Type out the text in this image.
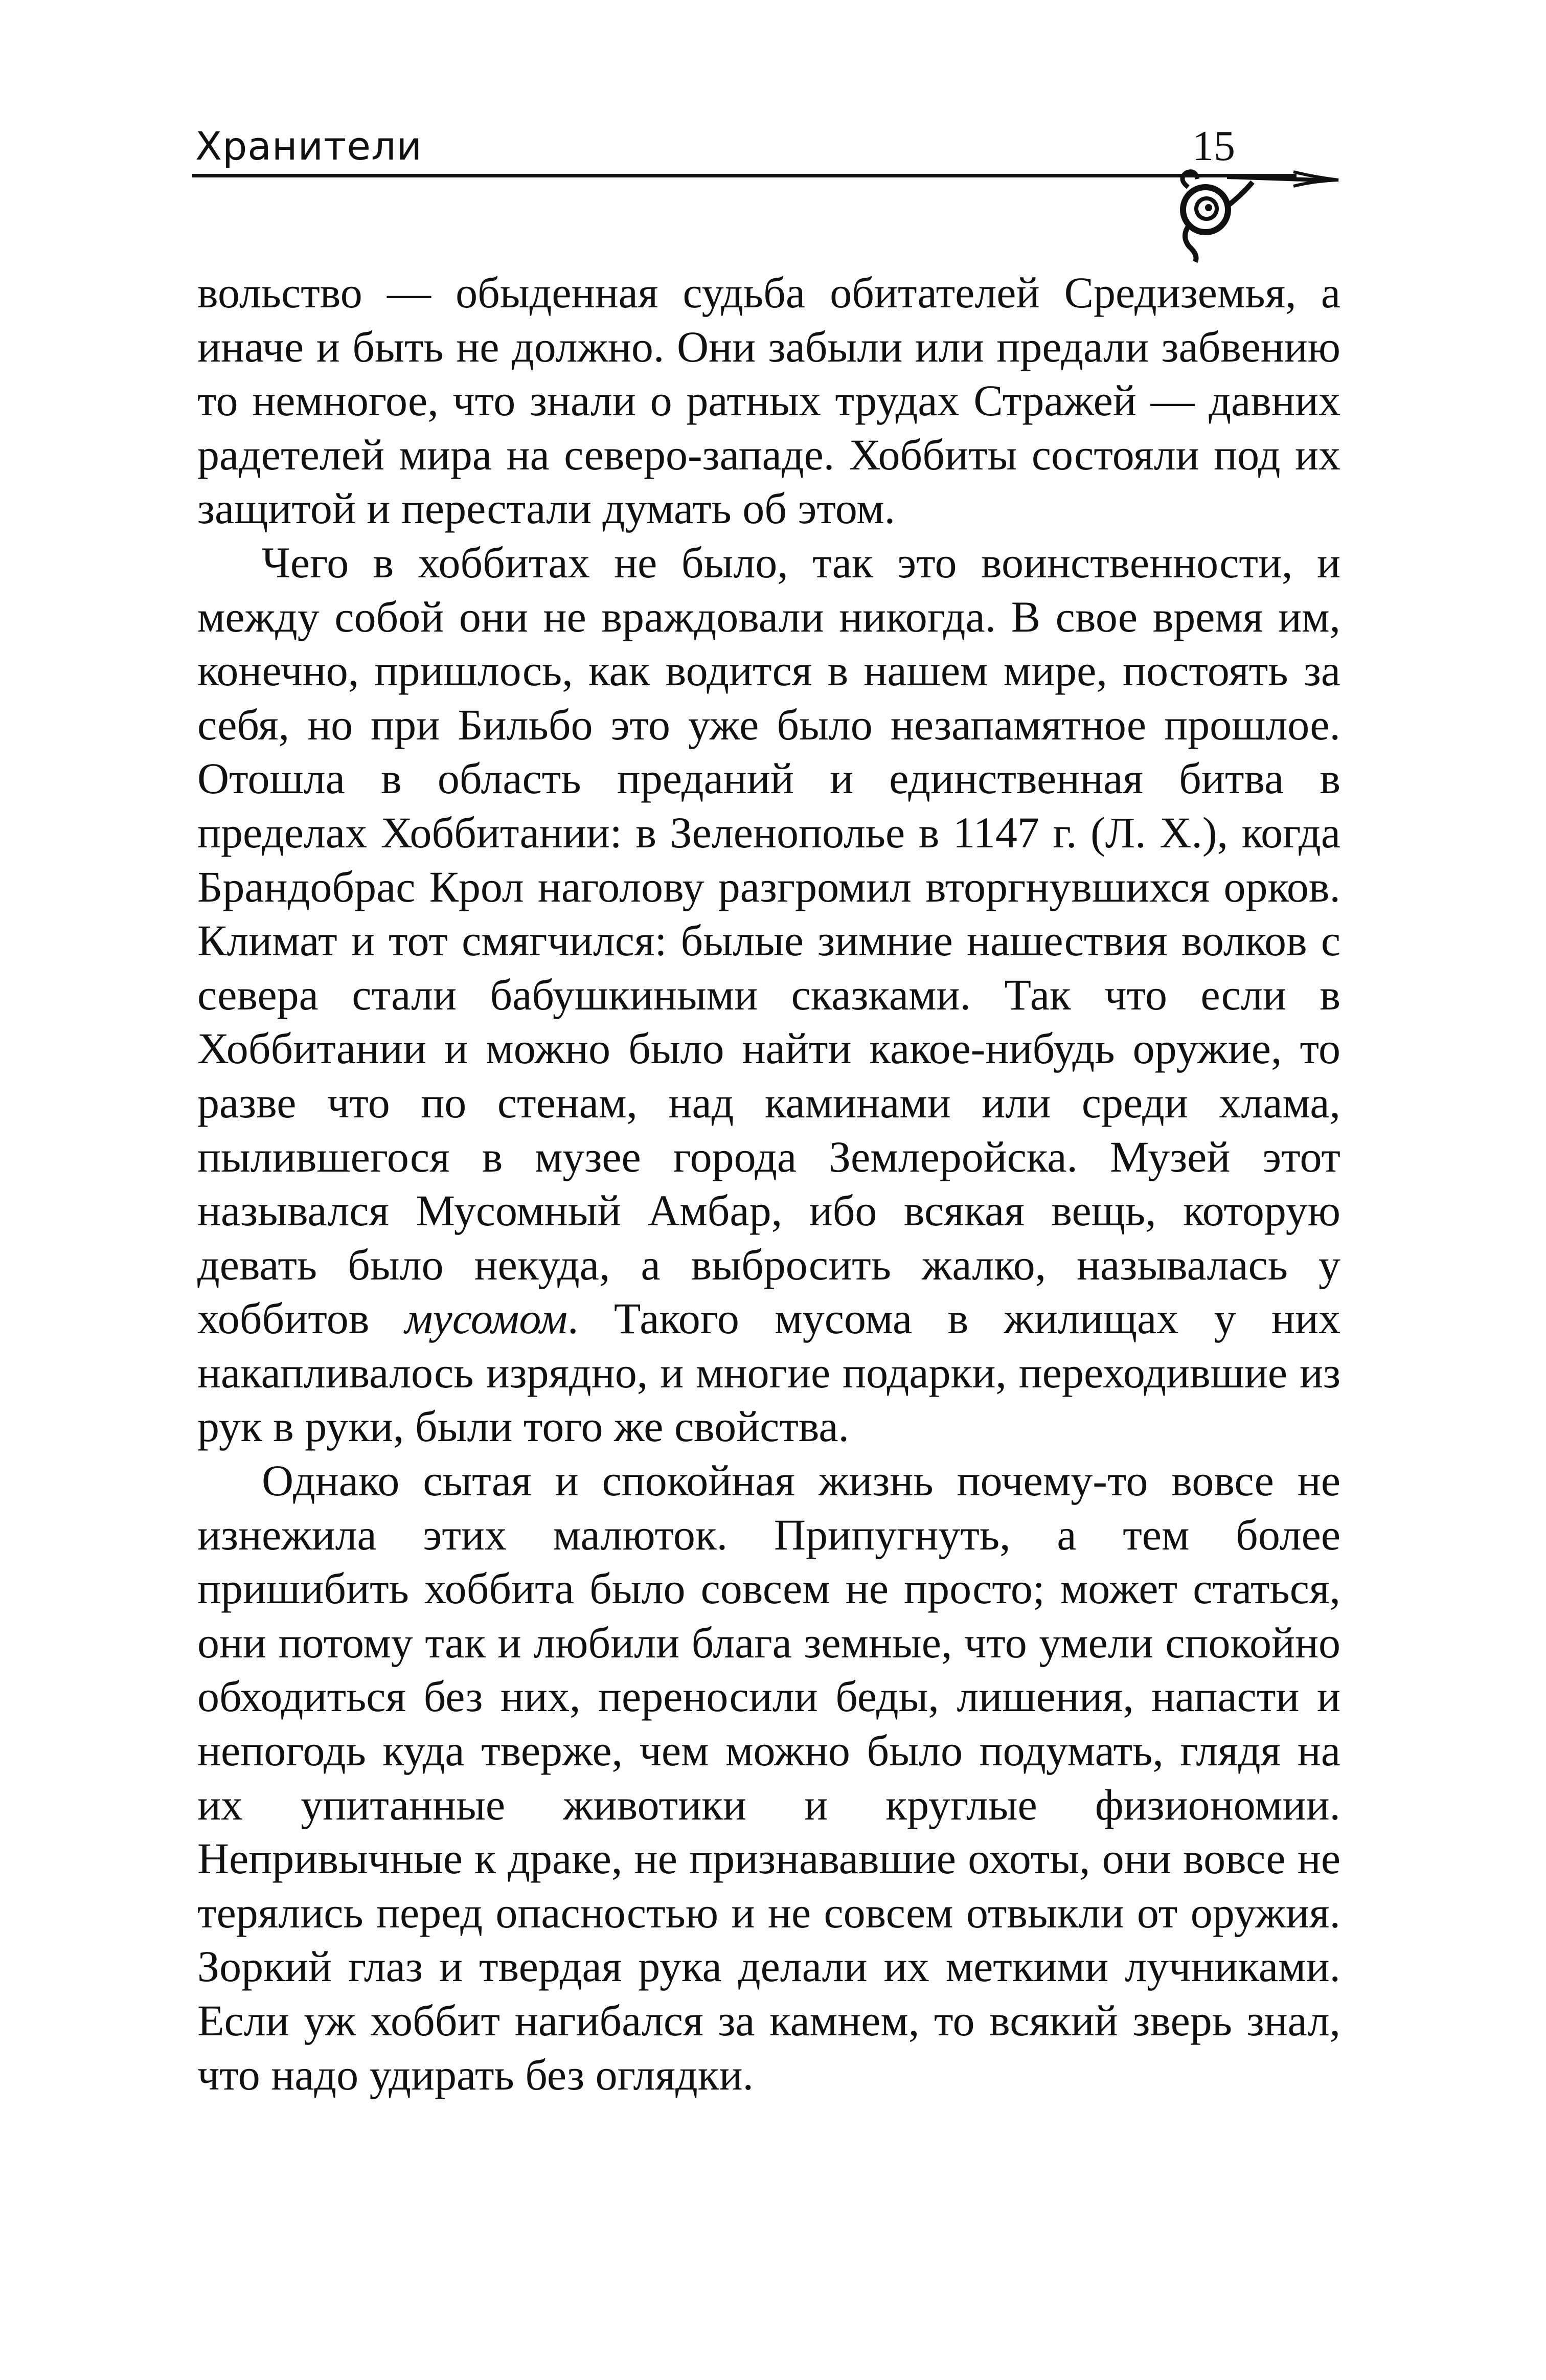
Хранители	15

вольство — обыденная судьба обитателей Средиземья, а иначе и быть не должно. Они забыли или предали забвению то немногое, что знали о ратных трудах Стражей — давних радетелей мира на северо-западе. Хоббиты состояли под их защитой и перестали думать об этом.

Чего в хоббитах не было, так это воинственности, и между собой они не враждовали никогда. В свое время им, конечно, пришлось, как водится в нашем мире, постоять за себя, но при Бильбо это уже было незапамятное прошлое. Отошла в область преданий и единственная битва в пределах Хоббитании: в Зеленополье в 1147 г. (Л. Х.), когда Брандобрас Крол наголову разгромил вторгнувшихся орков. Климат и тот смягчился: былые зимние нашествия волков с севера стали бабушкиными сказками. Так что если в Хоббитании и можно было найти какое-нибудь оружие, то разве что по стенам, над каминами или среди хлама, пылившегося в музее города Землеройска. Музей этот назывался Мусомный Амбар, ибо всякая вещь, которую девать было некуда, а выбросить жалко, называлась у хоббитов мусомом. Такого мусома в жилищах у них накапливалось изрядно, и многие подарки, переходившие из рук в руки, были того же свойства.

Однако сытая и спокойная жизнь почему-то вовсе не изнежила этих малюток. Припугнуть, а тем более пришибить хоббита было совсем не просто; может статься, они потому так и любили блага земные, что умели спокойно обходиться без них, переносили беды, лишения, напасти и непогодь куда тверже, чем можно было подумать, глядя на их упитанные животики и круглые физиономии. Непривычные к драке, не признававшие охоты, они вовсе не терялись перед опасностью и не совсем отвыкли от оружия. Зоркий глаз и твердая рука делали их меткими лучниками. Если уж хоббит нагибался за камнем, то всякий зверь знал, что надо удирать без оглядки.
